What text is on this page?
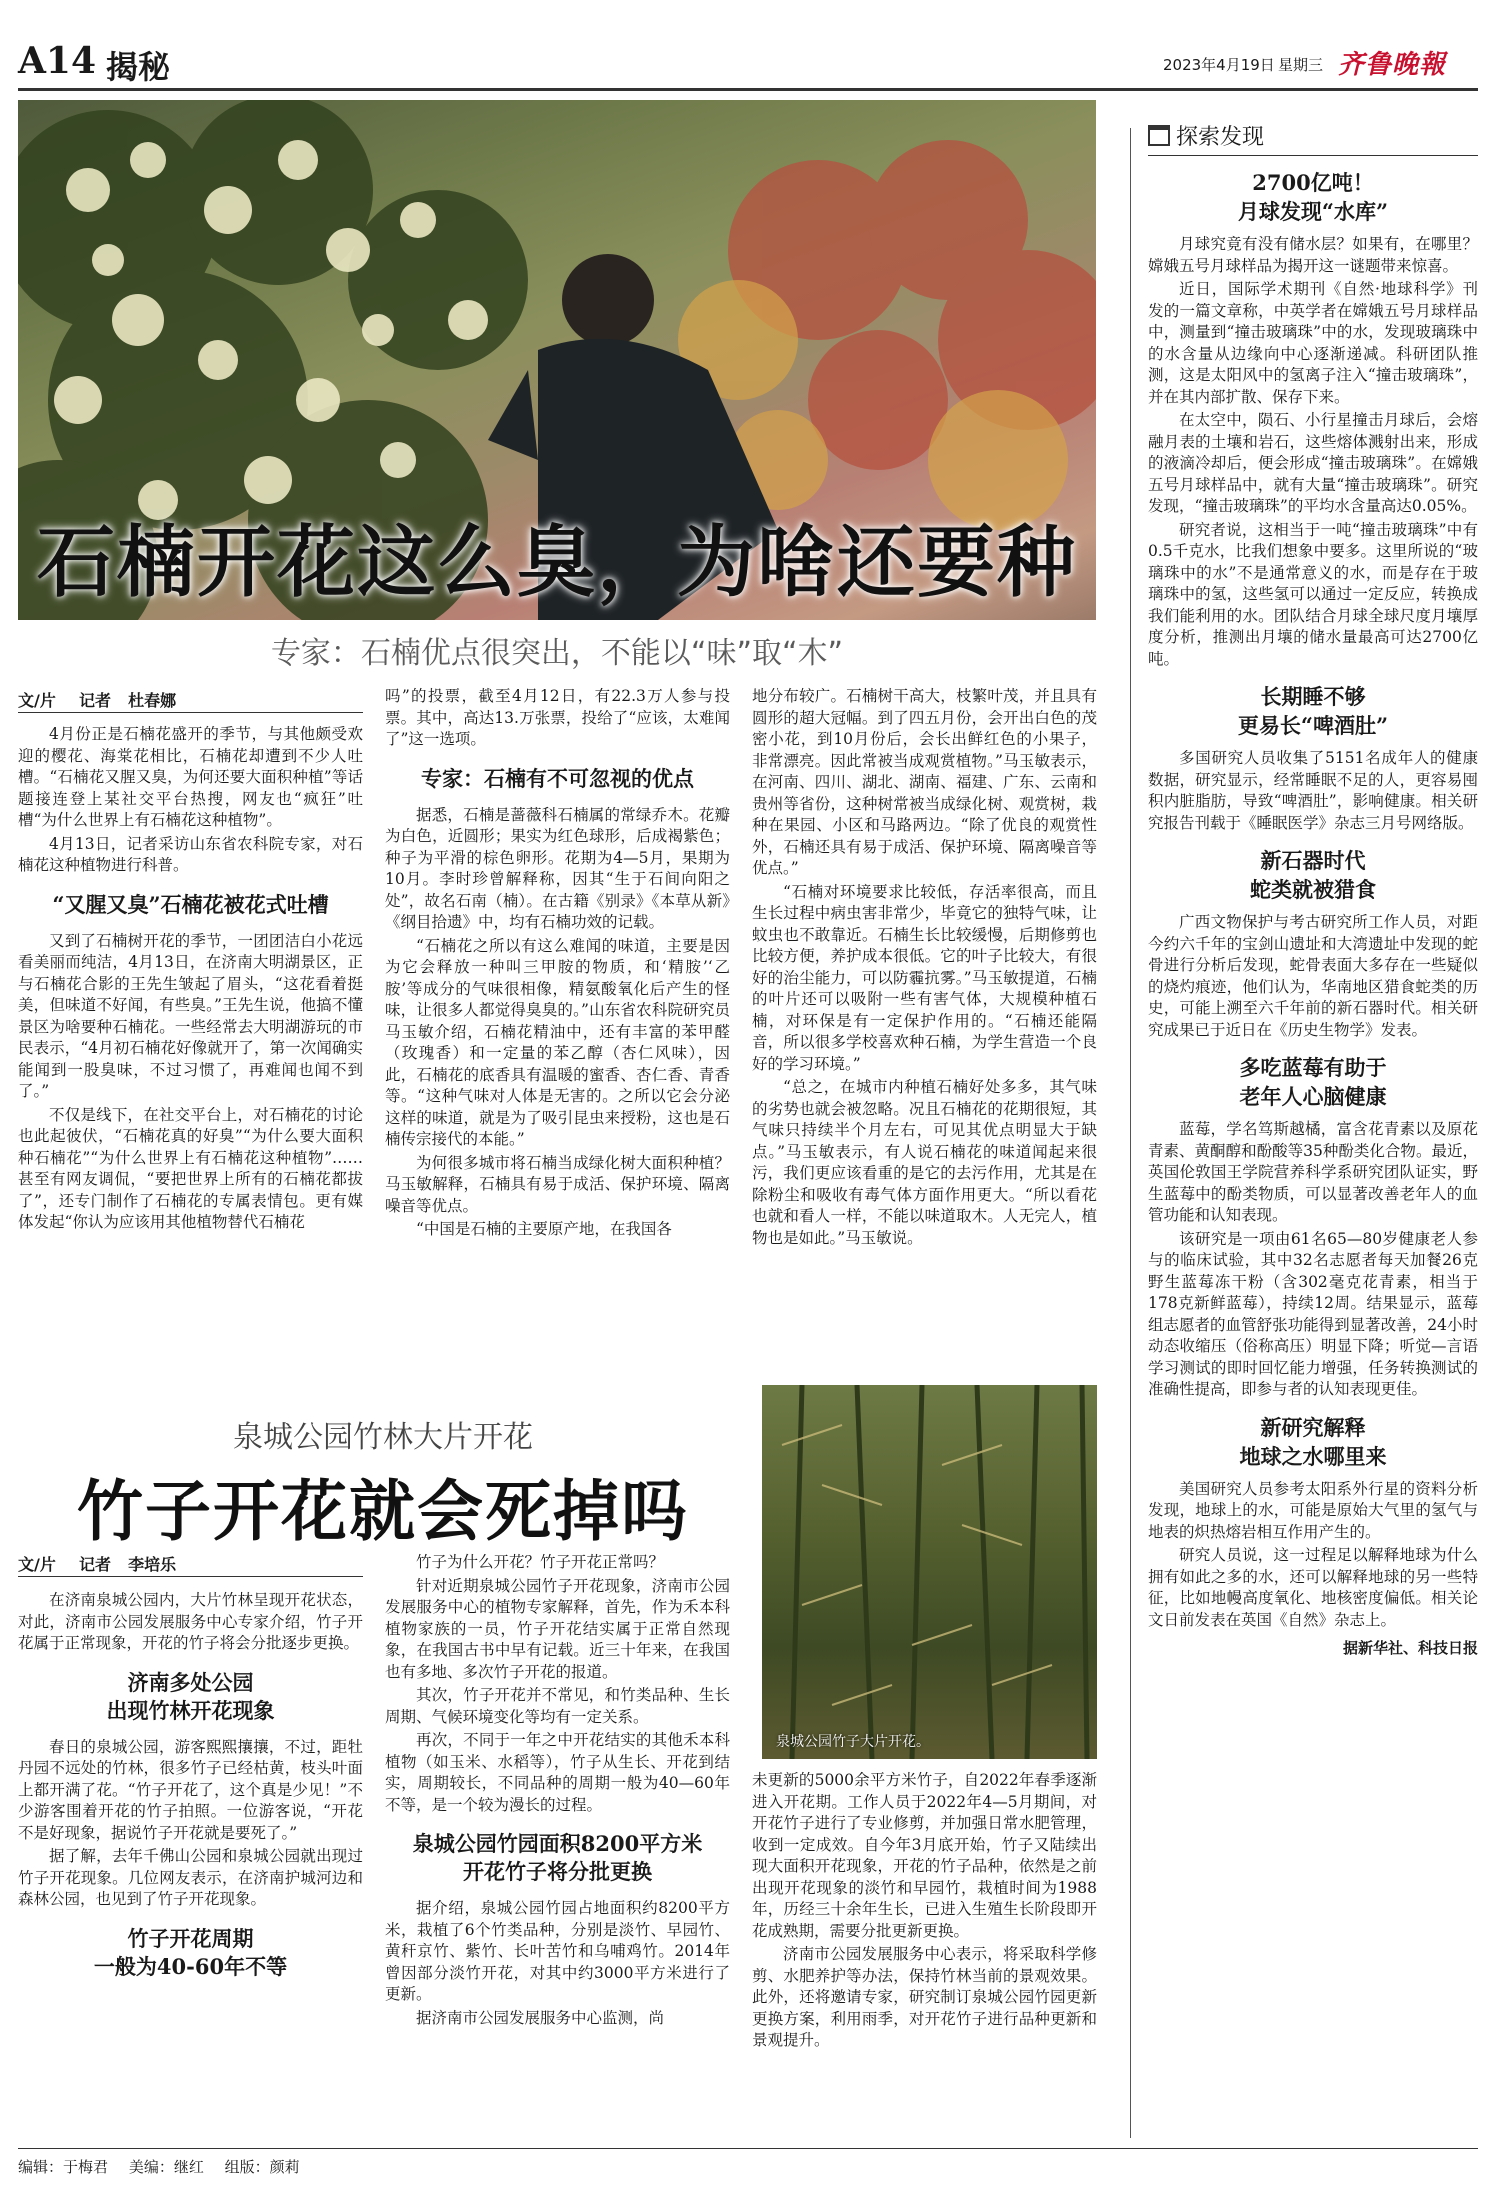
A14 揭秘	2023年4月19日 星期三 齐鲁晚報
石楠开花这么臭，为啥还要种
专家：石楠优点很突出，不能以“味”取“木”
文/片 记者 杜春娜

4月份正是石楠花盛开的季节，与其他颇受欢迎的樱花、海棠花相比，石楠花却遭到不少人吐槽。“石楠花又腥又臭，为何还要大面积种植”等话题接连登上某社交平台热搜，网友也“疯狂”吐槽“为什么世界上有石楠花这种植物”。

4月13日，记者采访山东省农科院专家，对石楠花这种植物进行科普。

“又腥又臭”石楠花被花式吐槽

又到了石楠树开花的季节，一团团洁白小花远看美丽而纯洁，4月13日，在济南大明湖景区，正与石楠花合影的王先生皱起了眉头，“这花看着挺美，但味道不好闻，有些臭。”王先生说，他搞不懂景区为啥要种石楠花。一些经常去大明湖游玩的市民表示，“4月初石楠花好像就开了，第一次闻确实能闻到一股臭味，不过习惯了，再难闻也闻不到了。”

不仅是线下，在社交平台上，对石楠花的讨论也此起彼伏，“石楠花真的好臭”“为什么要大面积种石楠花”“为什么世界上有石楠花这种植物”……甚至有网友调侃，“要把世界上所有的石楠花都拔了”，还专门制作了石楠花的专属表情包。更有媒体发起“你认为应该用其他植物替代石楠花

吗”的投票，截至4月12日，有22.3万人参与投票。其中，高达13.万张票，投给了“应该，太难闻了”这一选项。

专家：石楠有不可忽视的优点

据悉，石楠是蔷薇科石楠属的常绿乔木。花瓣为白色，近圆形；果实为红色球形，后成褐紫色；种子为平滑的棕色卵形。花期为4—5月，果期为10月。李时珍曾解释称，因其“生于石间向阳之处”，故名石南（楠）。在古籍《别录》《本草从新》《纲目拾遗》中，均有石楠功效的记载。

“石楠花之所以有这么难闻的味道，主要是因为它会释放一种叫三甲胺的物质，和‘精胺’‘乙胺’等成分的气味很相像，精氨酸氧化后产生的怪味，让很多人都觉得臭臭的。”山东省农科院研究员马玉敏介绍，石楠花精油中，还有丰富的苯甲醛（玫瑰香）和一定量的苯乙醇（杏仁风味），因此，石楠花的底香具有温暖的蜜香、杏仁香、青香等。“这种气味对人体是无害的。之所以它会分泌这样的味道，就是为了吸引昆虫来授粉，这也是石楠传宗接代的本能。”

为何很多城市将石楠当成绿化树大面积种植？马玉敏解释，石楠具有易于成活、保护环境、隔离噪音等优点。

“中国是石楠的主要原产地，在我国各

地分布较广。石楠树干高大，枝繁叶茂，并且具有圆形的超大冠幅。到了四五月份，会开出白色的茂密小花，到10月份后，会长出鲜红色的小果子，非常漂亮。因此常被当成观赏植物。”马玉敏表示，在河南、四川、湖北、湖南、福建、广东、云南和贵州等省份，这种树常被当成绿化树、观赏树，栽种在果园、小区和马路两边。“除了优良的观赏性外，石楠还具有易于成活、保护环境、隔离噪音等优点。”

“石楠对环境要求比较低，存活率很高，而且生长过程中病虫害非常少，毕竟它的独特气味，让蚊虫也不敢靠近。石楠生长比较缓慢，后期修剪也比较方便，养护成本很低。它的叶子比较大，有很好的治尘能力，可以防霾抗雾。”马玉敏提道，石楠的叶片还可以吸附一些有害气体，大规模种植石楠，对环保是有一定保护作用的。“石楠还能隔音，所以很多学校喜欢种石楠，为学生营造一个良好的学习环境。”

“总之，在城市内种植石楠好处多多，其气味的劣势也就会被忽略。况且石楠花的花期很短，其气味只持续半个月左右，可见其优点明显大于缺点。”马玉敏表示，有人说石楠花的味道闻起来很污，我们更应该看重的是它的去污作用，尤其是在除粉尘和吸收有毒气体方面作用更大。“所以看花也就和看人一样，不能以味道取木。人无完人，植物也是如此。”马玉敏说。

泉城公园竹林大片开花
竹子开花就会死掉吗
泉城公园竹子大片开花。
文/片 记者 李培乐

在济南泉城公园内，大片竹林呈现开花状态，对此，济南市公园发展服务中心专家介绍，竹子开花属于正常现象，开花的竹子将会分批逐步更换。

济南多处公园
出现竹林开花现象

春日的泉城公园，游客熙熙攘攘，不过，距牡丹园不远处的竹林，很多竹子已经枯黄，枝头叶面上都开满了花。“竹子开花了，这个真是少见！”不少游客围着开花的竹子拍照。一位游客说，“开花不是好现象，据说竹子开花就是要死了。”

据了解，去年千佛山公园和泉城公园就出现过竹子开花现象。几位网友表示，在济南护城河边和森林公园，也见到了竹子开花现象。

竹子开花周期
一般为40-60年不等

竹子为什么开花？竹子开花正常吗？

针对近期泉城公园竹子开花现象，济南市公园发展服务中心的植物专家解释，首先，作为禾本科植物家族的一员，竹子开花结实属于正常自然现象，在我国古书中早有记载。近三十年来，在我国也有多地、多次竹子开花的报道。

其次，竹子开花并不常见，和竹类品种、生长周期、气候环境变化等均有一定关系。

再次，不同于一年之中开花结实的其他禾本科植物（如玉米、水稻等），竹子从生长、开花到结实，周期较长，不同品种的周期一般为40—60年不等，是一个较为漫长的过程。

泉城公园竹园面积8200平方米
开花竹子将分批更换

据介绍，泉城公园竹园占地面积约8200平方米，栽植了6个竹类品种，分别是淡竹、早园竹、黄秆京竹、紫竹、长叶苦竹和乌哺鸡竹。2014年曾因部分淡竹开花，对其中约3000平方米进行了更新。

据济南市公园发展服务中心监测，尚

未更新的5000余平方米竹子，自2022年春季逐渐进入开花期。工作人员于2022年4—5月期间，对开花竹子进行了专业修剪，并加强日常水肥管理，收到一定成效。自今年3月底开始，竹子又陆续出现大面积开花现象，开花的竹子品种，依然是之前出现开花现象的淡竹和早园竹，栽植时间为1988年，历经三十余年生长，已进入生殖生长阶段即开花成熟期，需要分批更新更换。

济南市公园发展服务中心表示，将采取科学修剪、水肥养护等办法，保持竹林当前的景观效果。此外，还将邀请专家，研究制订泉城公园竹园更新更换方案，利用雨季，对开花竹子进行品种更新和景观提升。

探索发现
2700亿吨！
月球发现“水库”

月球究竟有没有储水层？如果有，在哪里？嫦娥五号月球样品为揭开这一谜题带来惊喜。

近日，国际学术期刊《自然·地球科学》刊发的一篇文章称，中英学者在嫦娥五号月球样品中，测量到“撞击玻璃珠”中的水，发现玻璃珠中的水含量从边缘向中心逐渐递减。科研团队推测，这是太阳风中的氢离子注入“撞击玻璃珠”，并在其内部扩散、保存下来。

在太空中，陨石、小行星撞击月球后，会熔融月表的土壤和岩石，这些熔体溅射出来，形成的液滴冷却后，便会形成“撞击玻璃珠”。在嫦娥五号月球样品中，就有大量“撞击玻璃珠”。研究发现，“撞击玻璃珠”的平均水含量高达0.05%。

研究者说，这相当于一吨“撞击玻璃珠”中有0.5千克水，比我们想象中要多。这里所说的“玻璃珠中的水”不是通常意义的水，而是存在于玻璃珠中的氢，这些氢可以通过一定反应，转换成我们能利用的水。团队结合月球全球尺度月壤厚度分析，推测出月壤的储水量最高可达2700亿吨。

长期睡不够
更易长“啤酒肚”

多国研究人员收集了5151名成年人的健康数据，研究显示，经常睡眠不足的人，更容易囤积内脏脂肪，导致“啤酒肚”，影响健康。相关研究报告刊载于《睡眠医学》杂志三月号网络版。

新石器时代
蛇类就被猎食

广西文物保护与考古研究所工作人员，对距今约六千年的宝剑山遗址和大湾遗址中发现的蛇骨进行分析后发现，蛇骨表面大多存在一些疑似的烧灼痕迹，他们认为，华南地区猎食蛇类的历史，可能上溯至六千年前的新石器时代。相关研究成果已于近日在《历史生物学》发表。

多吃蓝莓有助于
老年人心脑健康

蓝莓，学名笃斯越橘，富含花青素以及原花青素、黄酮醇和酚酸等35种酚类化合物。最近，英国伦敦国王学院营养科学系研究团队证实，野生蓝莓中的酚类物质，可以显著改善老年人的血管功能和认知表现。

该研究是一项由61名65—80岁健康老人参与的临床试验，其中32名志愿者每天加餐26克野生蓝莓冻干粉（含302毫克花青素，相当于178克新鲜蓝莓），持续12周。结果显示，蓝莓组志愿者的血管舒张功能得到显著改善，24小时动态收缩压（俗称高压）明显下降；听觉—言语学习测试的即时回忆能力增强，任务转换测试的准确性提高，即参与者的认知表现更佳。

新研究解释
地球之水哪里来

美国研究人员参考太阳系外行星的资料分析发现，地球上的水，可能是原始大气里的氢气与地表的炽热熔岩相互作用产生的。

研究人员说，这一过程足以解释地球为什么拥有如此之多的水，还可以解释地球的另一些特征，比如地幔高度氧化、地核密度偏低。相关论文日前发表在英国《自然》杂志上。

据新华社、科技日报
编辑：于梅君 美编：继红 组版：颜莉
